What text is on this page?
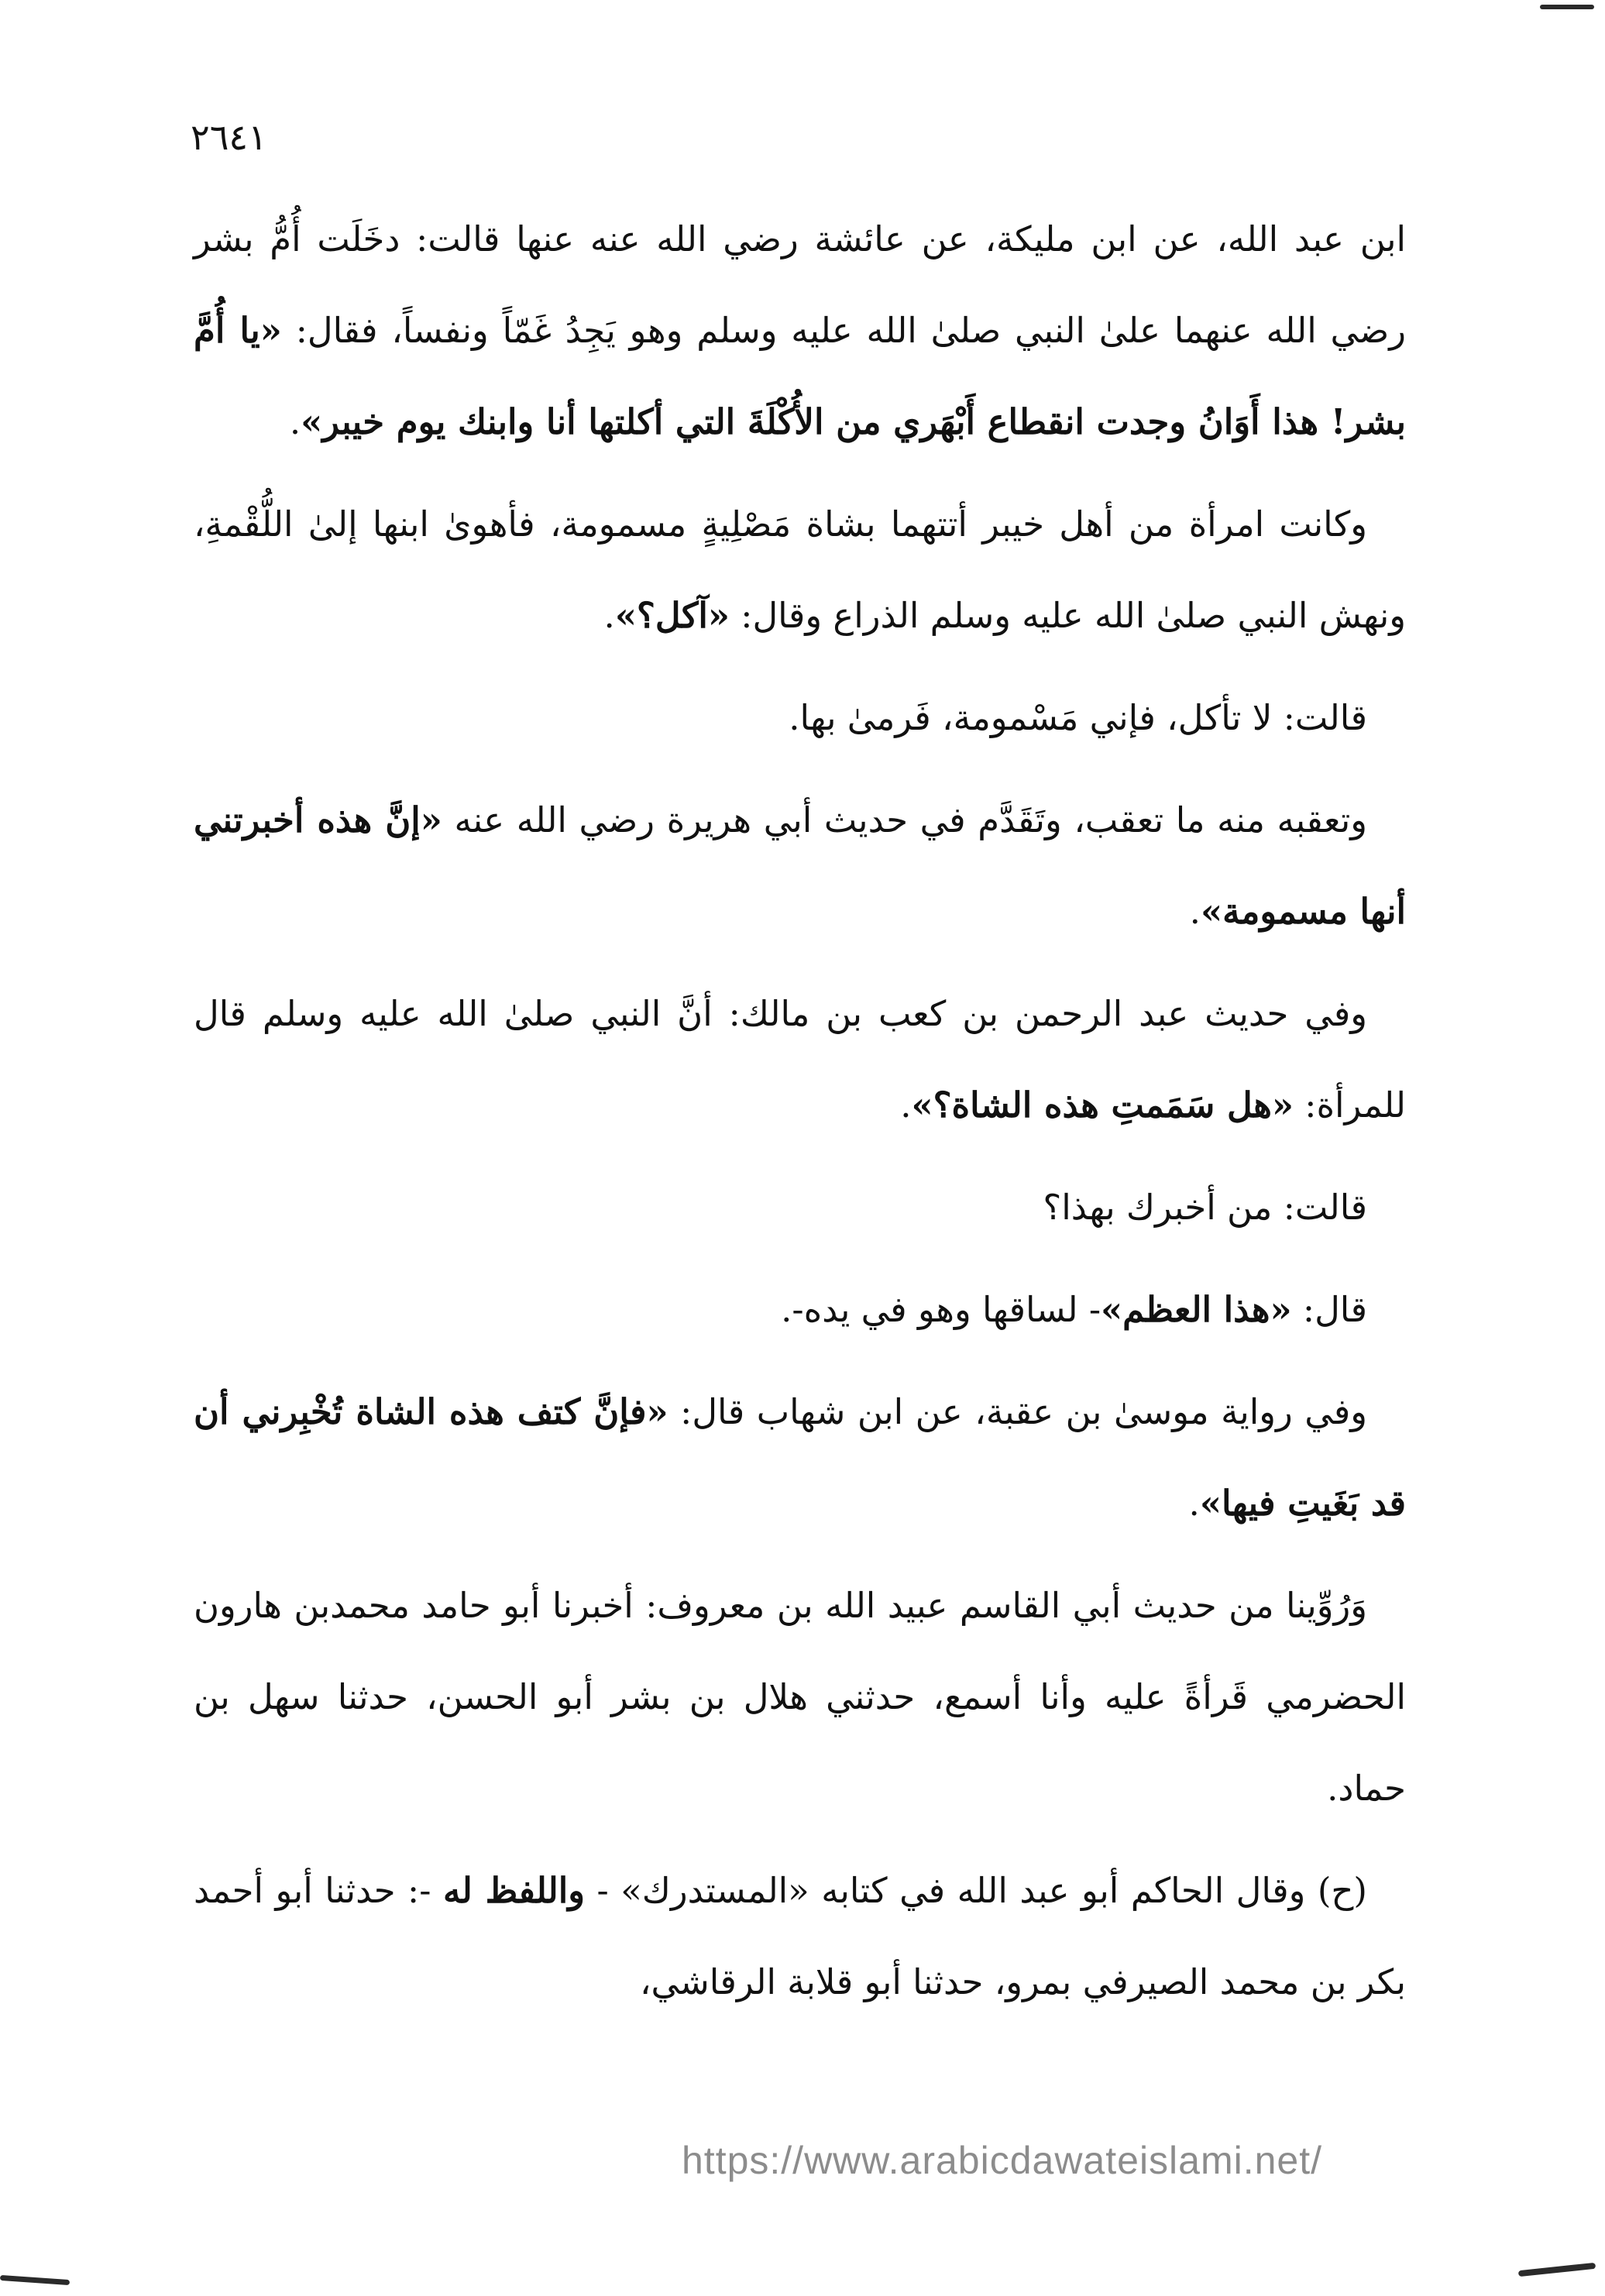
٢٦٤١

ابن عبد الله، عن ابن مليكة، عن عائشة رضي الله عنه عنها قالت: دخَلَت أُمُّ بشر رضي الله عنهما علىٰ النبي صلىٰ الله عليه وسلم وهو يَجِدُ غَمّاً ونفساً، فقال: «يا أُمَّ بشر! هذا أَوَانُ وجدت انقطاع أَبْهَري من الأُكْلَةَ التي أكلتها أنا وابنك يوم خيبر».

وكانت امرأة من أهل خيبر أتتهما بشاة مَصْلِيةٍ مسمومة، فأهوىٰ ابنها إلىٰ اللُّقْمةِ، ونهش النبي صلىٰ الله عليه وسلم الذراع وقال: «آكل؟».

قالت: لا تأكل، فإني مَسْمومة، فَرمىٰ بها.

وتعقبه منه ما تعقب، وتَقَدَّم في حديث أبي هريرة رضي الله عنه «إنَّ هذه أخبرتني أنها مسمومة».

وفي حديث عبد الرحمن بن كعب بن مالك: أنَّ النبي صلىٰ الله عليه وسلم قال للمرأة: «هل سَمَمتِ هذه الشاة؟».

قالت: من أخبرك بهذا؟

قال: «هذا العظم»- لساقها وهو في يده-.

وفي رواية موسىٰ بن عقبة، عن ابن شهاب قال: «فإنَّ كتف هذه الشاة تُخْبِرني أن قد بَغَيتِ فيها».

وَرُوِّينا من حديث أبي القاسم عبيد الله بن معروف: أخبرنا أبو حامد محمدبن هارون الحضرمي قَرأةً عليه وأنا أسمع، حدثني هلال بن بشر أبو الحسن، حدثنا سهل بن حماد.

(ح) وقال الحاكم أبو عبد الله في كتابه «المستدرك» - واللفظ له -: حدثنا أبو أحمد بكر بن محمد الصيرفي بمرو، حدثنا أبو قلابة الرقاشي،

https://www.arabicdawateislami.net/
